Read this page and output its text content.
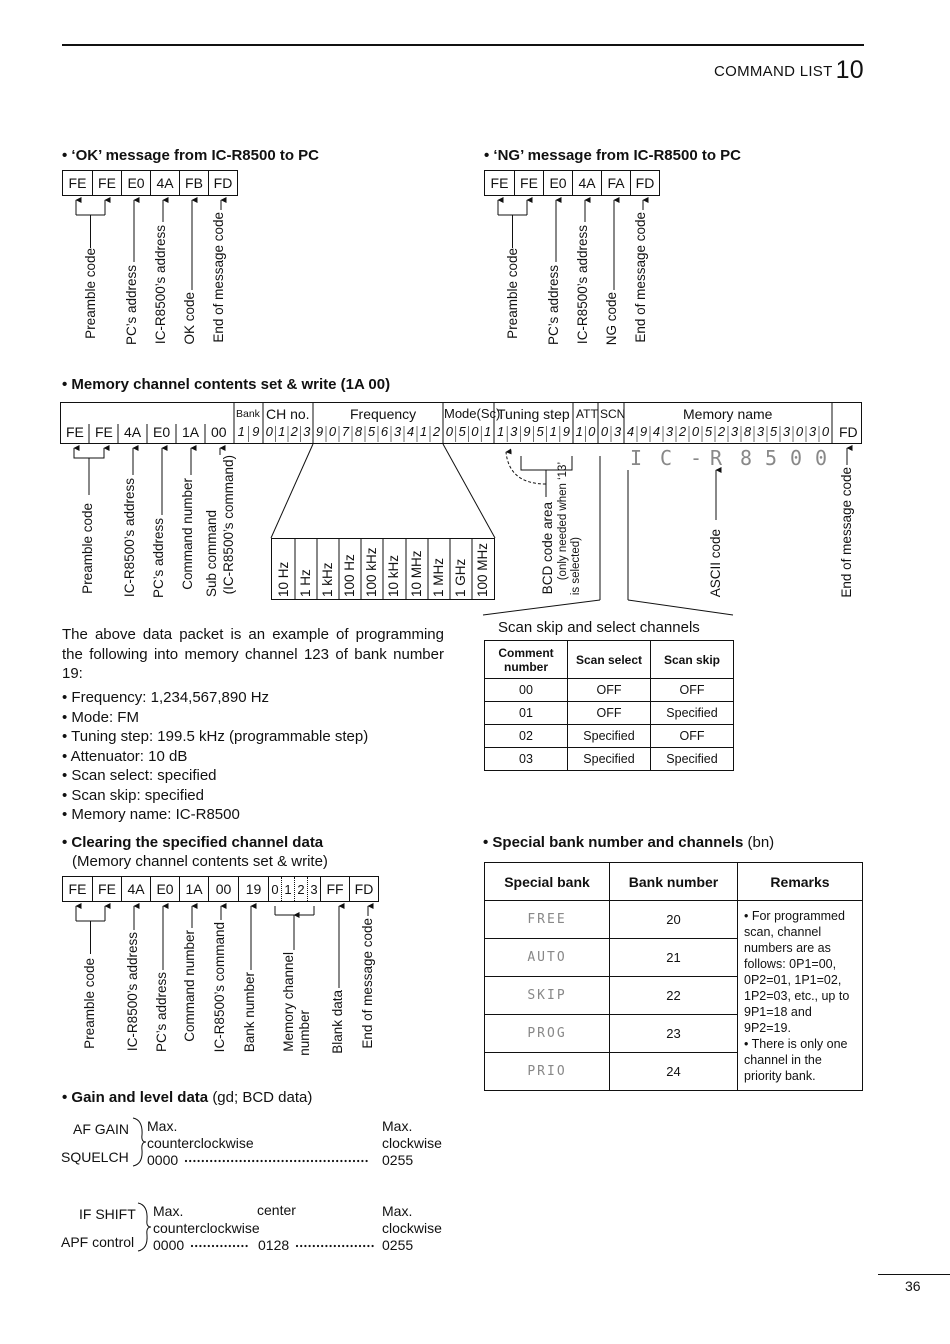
COMMAND LIST 10
• ‘OK’ message from IC-R8500 to PC
FE FE E0 4A FB FD
Preamble code PC’s address IC-R8500’s address OK code End of message code
• ‘NG’ message from IC-R8500 to PC
FE FE E0 4A FA FD
Preamble code PC’s address IC-R8500’s address NG code End of message code
• Memory channel contents set & write (1A 00)
FE FE 4A E0 1A 00	FD
Bank CH no.	Frequency Mode(Sc)
Tuning step ATT SCN	Memory name
1 9 0 1 2 3 9 0 7 8 5 6 3 4 1 2 0 5 0 1 1 3 9 5 1 9 1 0 0 3 4 9 4 3 2 0 5 2 3 8 3 5 3 0 3 0
I C - R 8 5 0 0
Preamble code IC-R8500’s address PC’s address Command number Sub command (IC-R8500’s command)	10 Hz 1 Hz 1 kHz 100 Hz 100 kHz 10 kHz 10 MHz 1 MHz 1 GHz 100 MHz	BCD code area (only needed when ‘13’ is selected)	ASCII code	End of message code
The above data packet is an example of programming the following into memory channel 123 of bank number 19:
• Frequency: 1,234,567,890 Hz
• Mode: FM
• Tuning step: 199.5 kHz (programmable step)
• Attenuator: 10 dB
• Scan select: specified
• Scan skip: specified
• Memory name: IC-R8500
Scan skip and select channels
Comment number	Scan select	Scan skip
00	OFF	OFF
01	OFF	Specified
02	Specified	OFF
03	Specified	Specified
• Clearing the specified channel data
(Memory channel contents set & write)
FE FE 4A E0 1A 00	19 0 1 2 3 FF FD
Preamble code IC-R8500’s address PC’s address Command number IC-R8500’s command Bank number Memory channel number Blank data End of message code
• Special bank number and channels (bn)
Special bank	Bank number	Remarks
FREE	20	• For programmed scan, channel numbers are as follows: 0P1=00, 0P2=01, 1P1=02, 1P2=03, etc., up to 9P1=18 and 9P2=19.
• There is only one channel in the priority bank.

AUTO	21	
SKIP	22	
PROG	23	
PRIO	24	
• Gain and level data (gd; BCD data)
AF GAIN
SQUELCH
Max.
counterclockwise
0000
Max.
clockwise
0255
IF SHIFT
APF control
Max.
counterclockwise
0000
center
0128
Max.
clockwise
0255
36
